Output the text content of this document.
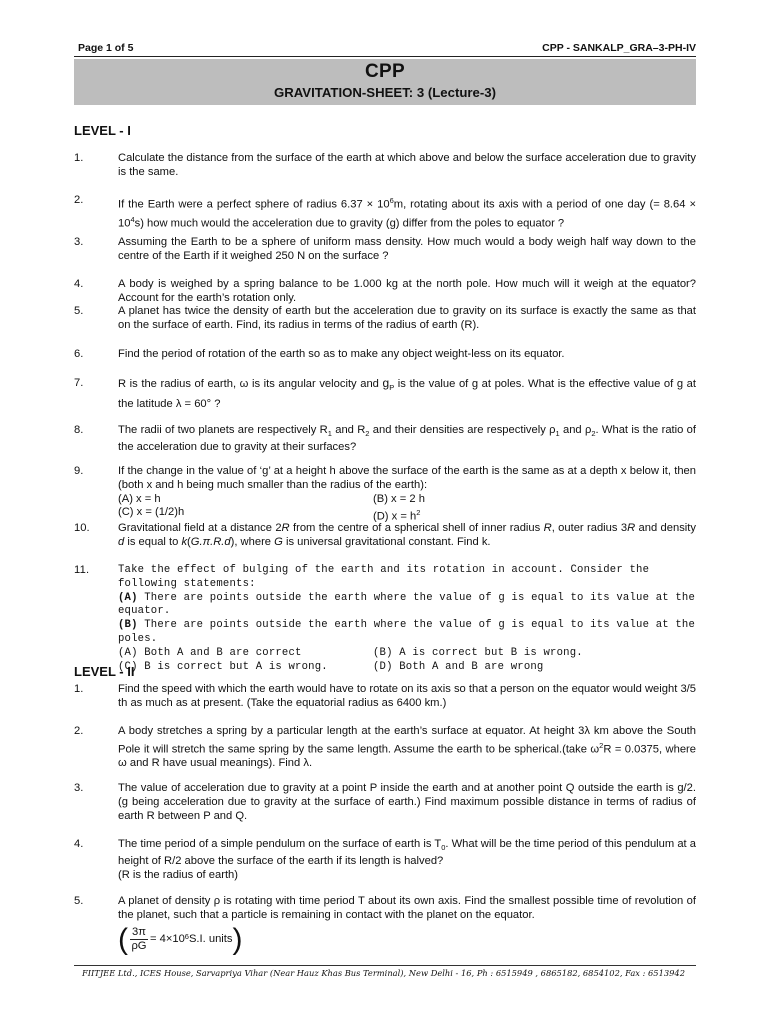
Page 1 of 5	CPP - SANKALP_GRA–3-PH-IV
CPP
GRAVITATION-SHEET: 3 (Lecture-3)
LEVEL - I
1.	Calculate the distance from the surface of the earth at which above and below the surface acceleration due to gravity is the same.
2.	If the Earth were a perfect sphere of radius $6.37 \times 10^6m$, rotating about its axis with a period of one day (= $8.64 \times 10^4s$) how much would the acceleration due to gravity (g) differ from the poles to equator ?
3.	Assuming the Earth to be a sphere of uniform mass density. How much would a body weigh half way down to the centre of the Earth if it weighed 250 N on the surface ?
4.	A body is weighed by a spring balance to be 1.000 kg at the north pole. How much will it weigh at the equator? Account for the earth’s rotation only.
5.	A planet has twice the density of earth but the acceleration due to gravity on its surface is exactly the same as that on the surface of earth. Find, its radius in terms of the radius of earth (R).
6.	Find the period of rotation of the earth so as to make any object weight-less on its equator.
7.	R is the radius of earth, ω is its angular velocity and $g_P$ is the value of g at poles. What is the effective value of g at the latitude λ = 60° ?
8.	The radii of two planets are respectively $R_1$ and $R_2$ and their densities are respectively $\rho_1$ and $\rho_2$. What is the ratio of the acceleration due to gravity at their surfaces?
9.	If the change in the value of ‘g’ at a height h above the surface of the earth is the same as at a depth x below it, then (both x and h being much smaller than the radius of the earth):
(A) x = h	(B) x = 2 h
(C) x = (1/2)h	(D) $x = h^2$
10.	Gravitational field at a distance 2R from the centre of a spherical shell of inner radius R, outer radius 3R and density d is equal to k(G.π.R.d), where G is universal gravitational constant. Find k.
11.	Take the effect of bulging of the earth and its rotation in account. Consider the following statements:
(A) There are points outside the earth where the value of g is equal to its value at the equator.
(B) There are points outside the earth where the value of g is equal to its value at the poles.
(A) Both A and B are correct	(B) A is correct but B is wrong.
(C) B is correct but A is wrong.	(D) Both A and B are wrong
LEVEL - II
1.	Find the speed with which the earth would have to rotate on its axis so that a person on the equator would weight 3/5 th as much as at present. (Take the equatorial radius as 6400 km.)
2.	A body stretches a spring by a particular length at the earth’s surface at equator. At height 3λ km above the South Pole it will stretch the same spring by the same length. Assume the earth to be spherical.(take $\omega^2R = 0.0375$, where ω and R have usual meanings). Find λ.
3.	The value of acceleration due to gravity at a point P inside the earth and at another point Q outside the earth is g/2. (g being acceleration due to gravity at the surface of earth.) Find maximum possible distance in terms of radius of earth R between P and Q.
4.	The time period of a simple pendulum on the surface of earth is $T_0$. What will be the time period of this pendulum at a height of R/2 above the surface of the earth if its length is halved?
(R is the radius of earth)
5.	A planet of density ρ is rotating with time period T about its own axis. Find the smallest possible time of revolution of the planet, such that a particle is remaining in contact with the planet on the equator.
( $\frac{3\pi}{\rho G} = 4\times 10^6$ S.I. units )
FIITJEE Ltd., ICES House, Sarvapriya Vihar (Near Hauz Khas Bus Terminal), New Delhi - 16, Ph : 6515949 , 6865182, 6854102, Fax : 6513942
